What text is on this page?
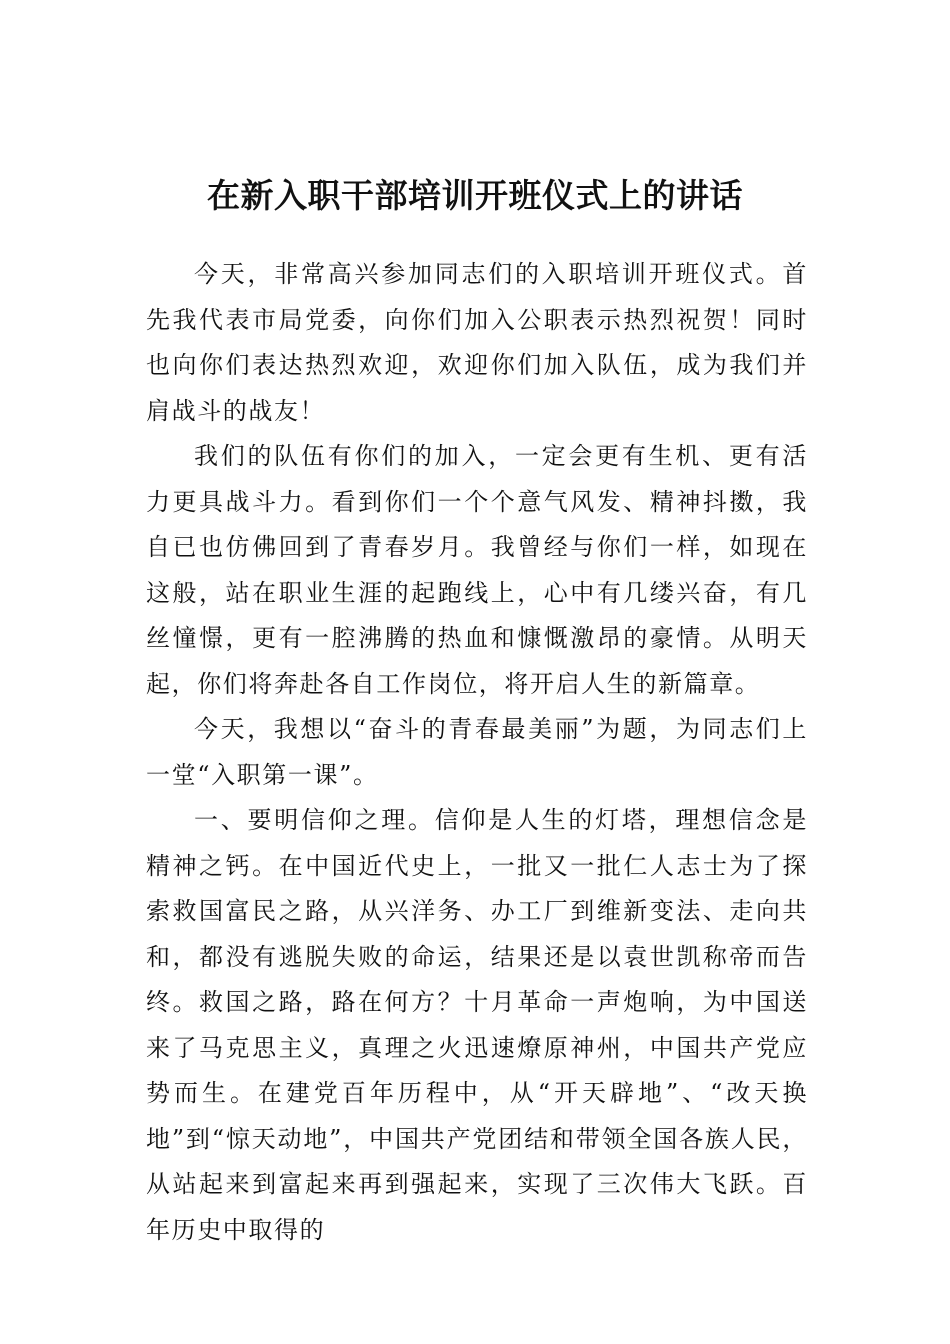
在新入职干部培训开班仪式上的讲话

今天，非常高兴参加同志们的入职培训开班仪式。首先我代表市局党委，向你们加入公职表示热烈祝贺！同时也向你们表达热烈欢迎，欢迎你们加入队伍，成为我们并肩战斗的战友！

我们的队伍有你们的加入，一定会更有生机、更有活力更具战斗力。看到你们一个个意气风发、精神抖擞，我自已也仿佛回到了青春岁月。我曾经与你们一样，如现在这般，站在职业生涯的起跑线上，心中有几缕兴奋，有几丝憧憬，更有一腔沸腾的热血和慷慨激昂的豪情。从明天起，你们将奔赴各自工作岗位，将开启人生的新篇章。

今天，我想以“奋斗的青春最美丽”为题，为同志们上一堂“入职第一课”。

一、要明信仰之理。信仰是人生的灯塔，理想信念是精神之钙。在中国近代史上，一批又一批仁人志士为了探索救国富民之路，从兴洋务、办工厂到维新变法、走向共和，都没有逃脱失败的命运，结果还是以袁世凯称帝而告终。救国之路，路在何方？十月革命一声炮响，为中国送来了马克思主义，真理之火迅速燎原神州，中国共产党应势而生。在建党百年历程中，从“开天辟地”、“改天换地”到“惊天动地”，中国共产党团结和带领全国各族人民，从站起来到富起来再到强起来，实现了三次伟大飞跃。百年历史中取得的
